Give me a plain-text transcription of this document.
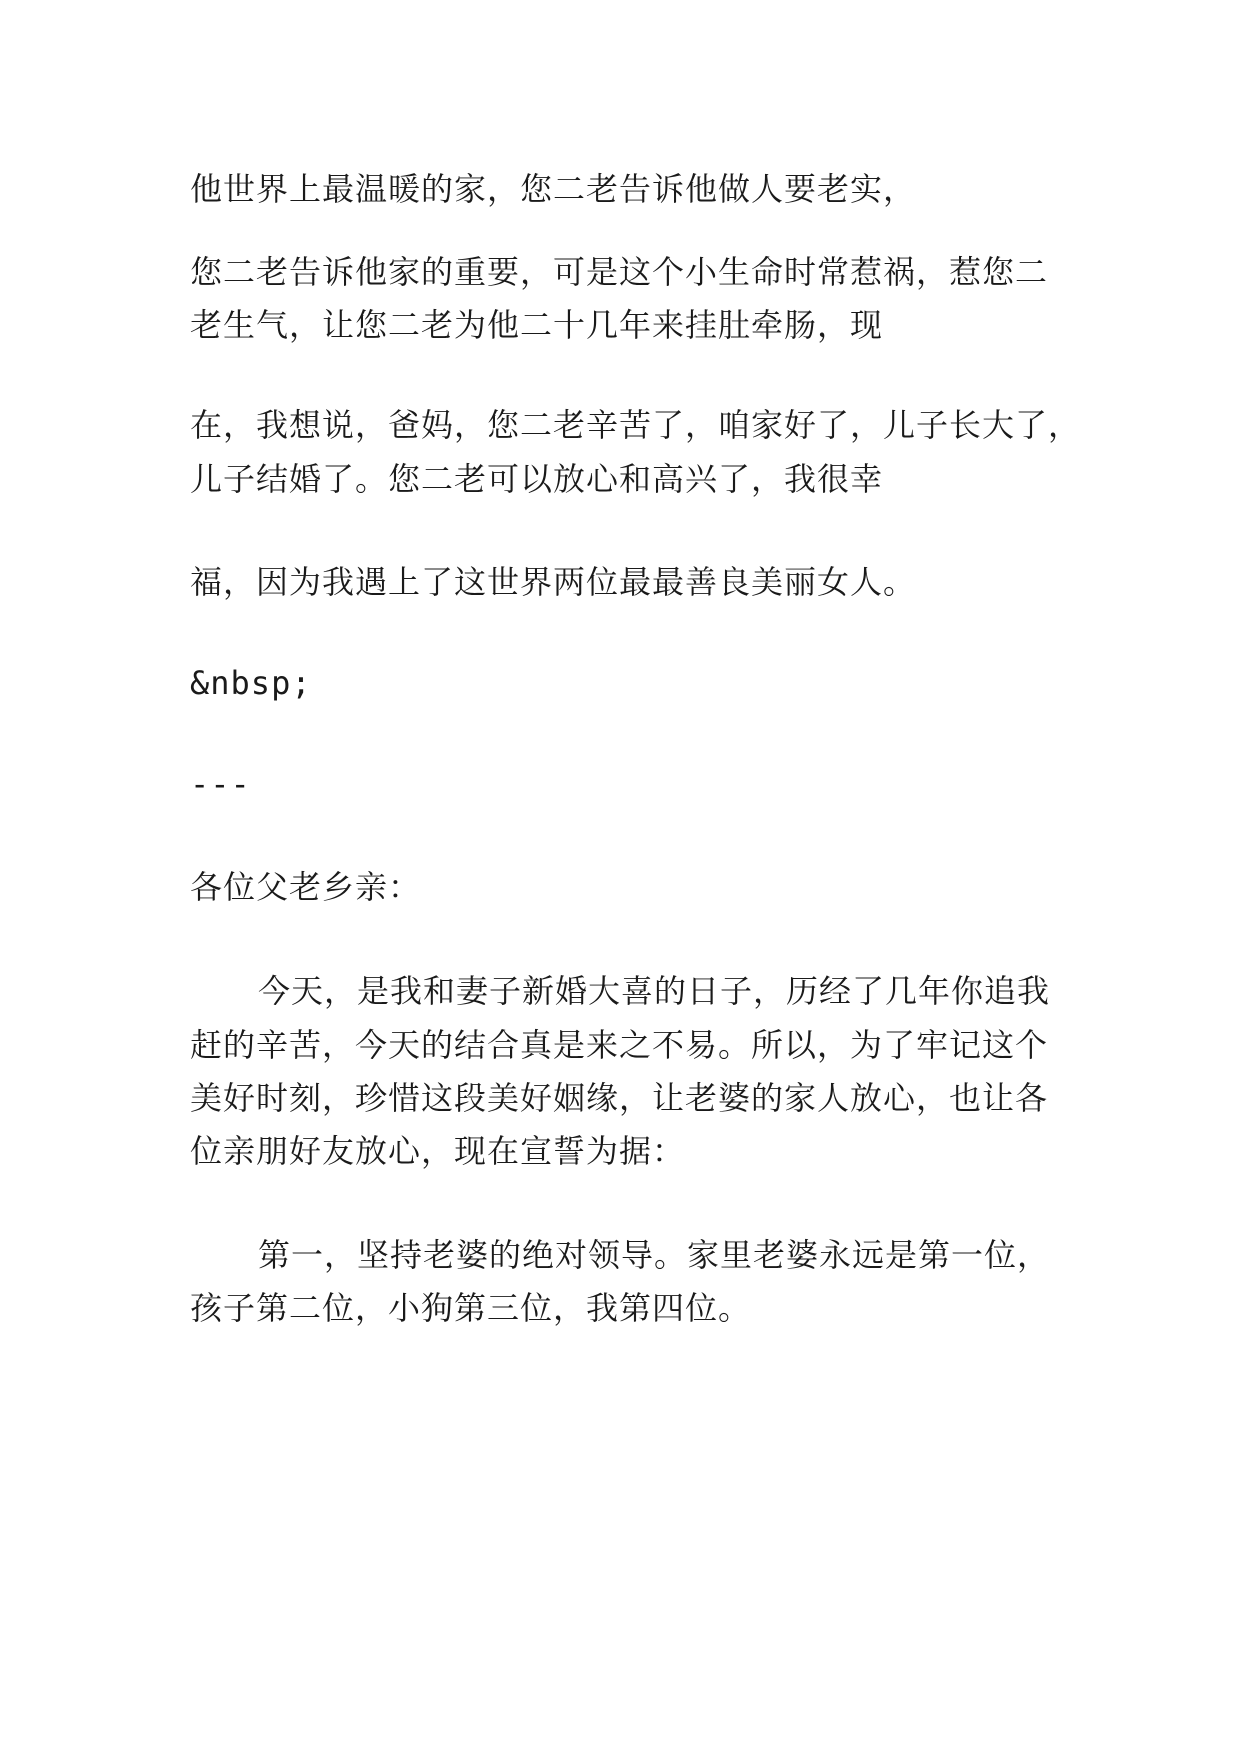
他世界上最温暖的家，您二老告诉他做人要老实，
您二老告诉他家的重要，可是这个小生命时常惹祸，惹您二
老生气，让您二老为他二十几年来挂肚牵肠，现
在，我想说，爸妈，您二老辛苦了，咱家好了，儿子长大了，
儿子结婚了。您二老可以放心和高兴了，我很幸
福，因为我遇上了这世界两位最最善良美丽女人。
&nbsp;
---
各位父老乡亲：
今天，是我和妻子新婚大喜的日子，历经了几年你追我
赶的辛苦，今天的结合真是来之不易。所以，为了牢记这个
美好时刻，珍惜这段美好姻缘，让老婆的家人放心，也让各
位亲朋好友放心，现在宣誓为据：
第一，坚持老婆的绝对领导。家里老婆永远是第一位，
孩子第二位，小狗第三位，我第四位。
